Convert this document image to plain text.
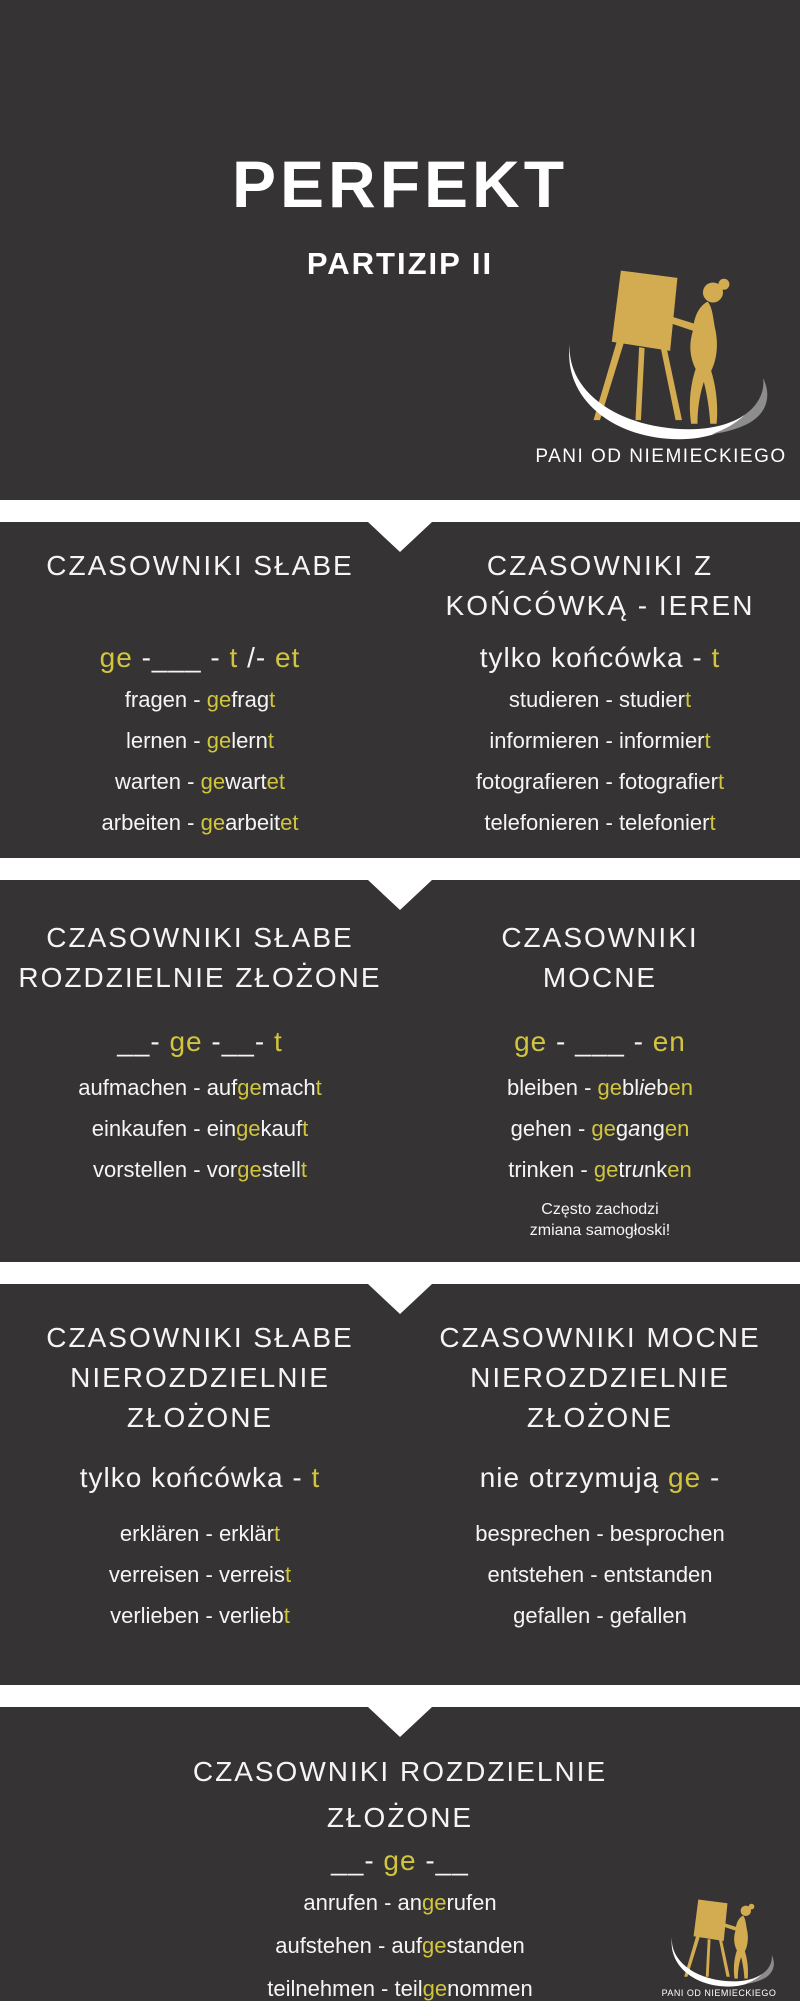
PERFEKT
PARTIZIP II
PANI OD NIEMIECKIEGO
CZASOWNIKI SŁABE
ge -___ - t /- et
fragen - gefragt
lernen - gelernt
warten - gewartet
arbeiten - gearbeitet
CZASOWNIKI Z
KOŃCÓWKĄ - IEREN
tylko końcówka - t
studieren - studiert
informieren - informiert
fotografieren - fotografiert
telefonieren - telefoniert
CZASOWNIKI SŁABE
ROZDZIELNIE ZŁOŻONE
__- ge -__- t
aufmachen - aufgemacht
einkaufen - eingekauft
vorstellen - vorgestellt
CZASOWNIKI
MOCNE
ge - ___ - en
bleiben - geblieben
gehen - gegangen
trinken - getrunken
Często zachodzi
zmiana samogłoski!
CZASOWNIKI SŁABE
NIEROZDZIELNIE
ZŁOŻONE
tylko końcówka - t
erklären - erklärt
verreisen - verreist
verlieben - verliebt
CZASOWNIKI MOCNE
NIEROZDZIELNIE
ZŁOŻONE
nie otrzymują ge -
besprechen - besprochen
entstehen - entstanden
gefallen - gefallen
CZASOWNIKI ROZDZIELNIE
ZŁOŻONE
__- ge -__
anrufen - angerufen
aufstehen - aufgestanden
teilnehmen - teilgenommen	PANI OD NIEMIECKIEGO
